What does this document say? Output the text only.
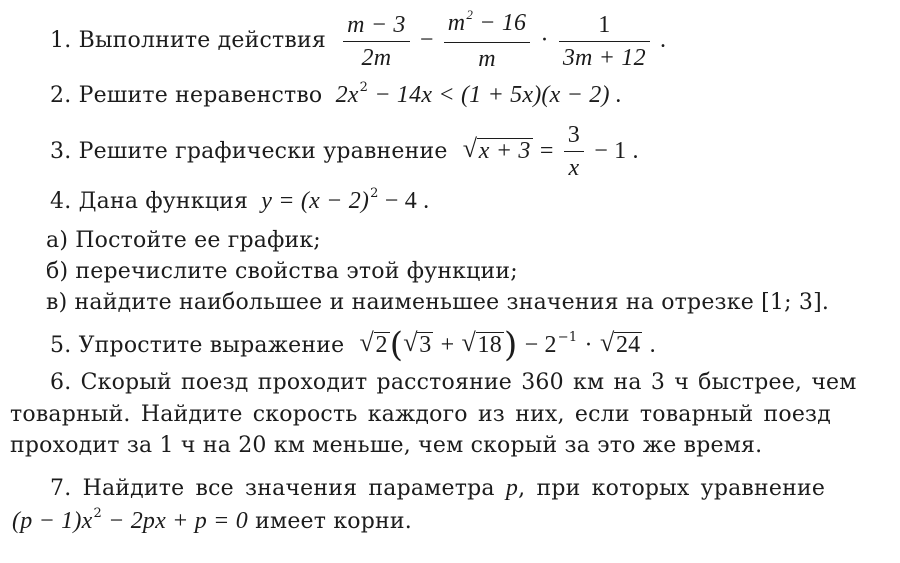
1. Выполните действия $\frac{m - 3}{2m} - \frac{m^2 - 16}{m} \cdot \frac{1}{3m + 12}$ .
2. Решите неравенство $2x^2 - 14x < (1 + 5x)(x - 2)$ .
3. Решите графически уравнение √ $x + 3 = \frac{3}{x} - 1$ .
4. Дана функция $y = (x - 2)^2 - 4$ .
а) Постойте ее график;
б) перечислите свойства этой функции;
в) найдите наибольшее и наименьшее значения на отрезке [1; 3].
5. Упростите выражение √ 2( √ 3 + √ $18) - 2^{-1}$ · √ 24 .
6. Скорый поезд проходит расстояние 360 км на 3 ч быстрее, чем
товарный. Найдите скорость каждого из них, если товарный поезд
проходит за 1 ч на 20 км меньше, чем скорый за это же время.
7. Найдите все значения параметра p, при которых уравнение
$(p - 1)x^2 - 2px + p = 0$ имеет корни.
